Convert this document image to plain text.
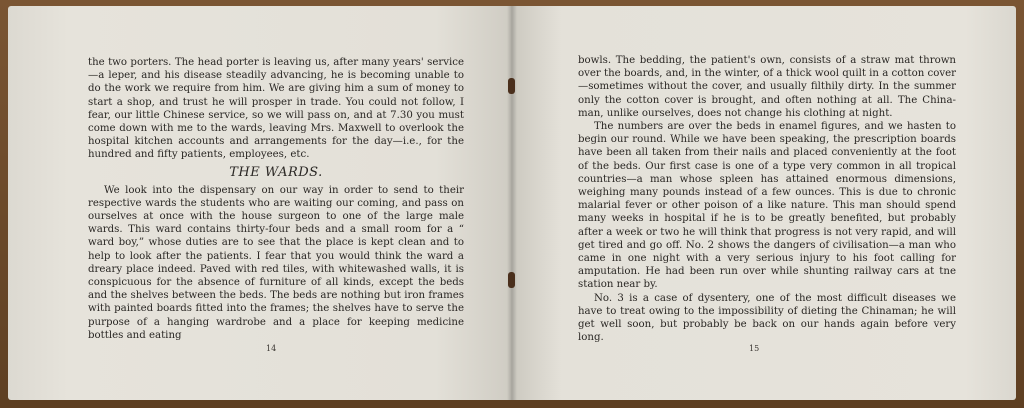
the two porters. The head porter is leaving us, after many years' service —a leper, and his disease steadily advancing, he is becoming unable to do the work we require from him. We are giving him a sum of money to start a shop, and trust he will prosper in trade. You could not follow, I fear, our little Chinese service, so we will pass on, and at 7.30 you must come down with me to the wards, leaving Mrs. Maxwell to overlook the hospital kitchen accounts and arrangements for the day—i.e., for the hundred and fifty patients, employees, etc.

THE WARDS.

We look into the dispensary on our way in order to send to their respective wards the students who are waiting our coming, and pass on ourselves at once with the house surgeon to one of the large male wards. This ward contains thirty-four beds and a small room for a “ ward boy,” whose duties are to see that the place is kept clean and to help to look after the patients. I fear that you would think the ward a dreary place indeed. Paved with red tiles, with whitewashed walls, it is conspicuous for the absence of furniture of all kinds, except the beds and the shelves between the beds. The beds are nothing but iron frames with painted boards fitted into the frames; the shelves have to serve the purpose of a hanging wardrobe and a place for keeping medicine bottles and eating

14

bowls. The bedding, the patient's own, consists of a straw mat thrown over the boards, and, in the winter, of a thick wool quilt in a cotton cover —sometimes without the cover, and usually filthily dirty. In the summer only the cotton cover is brought, and often nothing at all. The China-man, unlike ourselves, does not change his clothing at night.

The numbers are over the beds in enamel figures, and we hasten to begin our round. While we have been speaking, the prescription boards have been all taken from their nails and placed conveniently at the foot of the beds. Our first case is one of a type very common in all tropical countries—a man whose spleen has attained enormous dimensions, weighing many pounds instead of a few ounces. This is due to chronic malarial fever or other poison of a like nature. This man should spend many weeks in hospital if he is to be greatly benefited, but probably after a week or two he will think that progress is not very rapid, and will get tired and go off. No. 2 shows the dangers of civilisation—a man who came in one night with a very serious injury to his foot calling for amputation. He had been run over while shunting railway cars at tne station near by.

No. 3 is a case of dysentery, one of the most difficult diseases we have to treat owing to the impossibility of dieting the Chinaman; he will get well soon, but probably be back on our hands again before very long.

15
